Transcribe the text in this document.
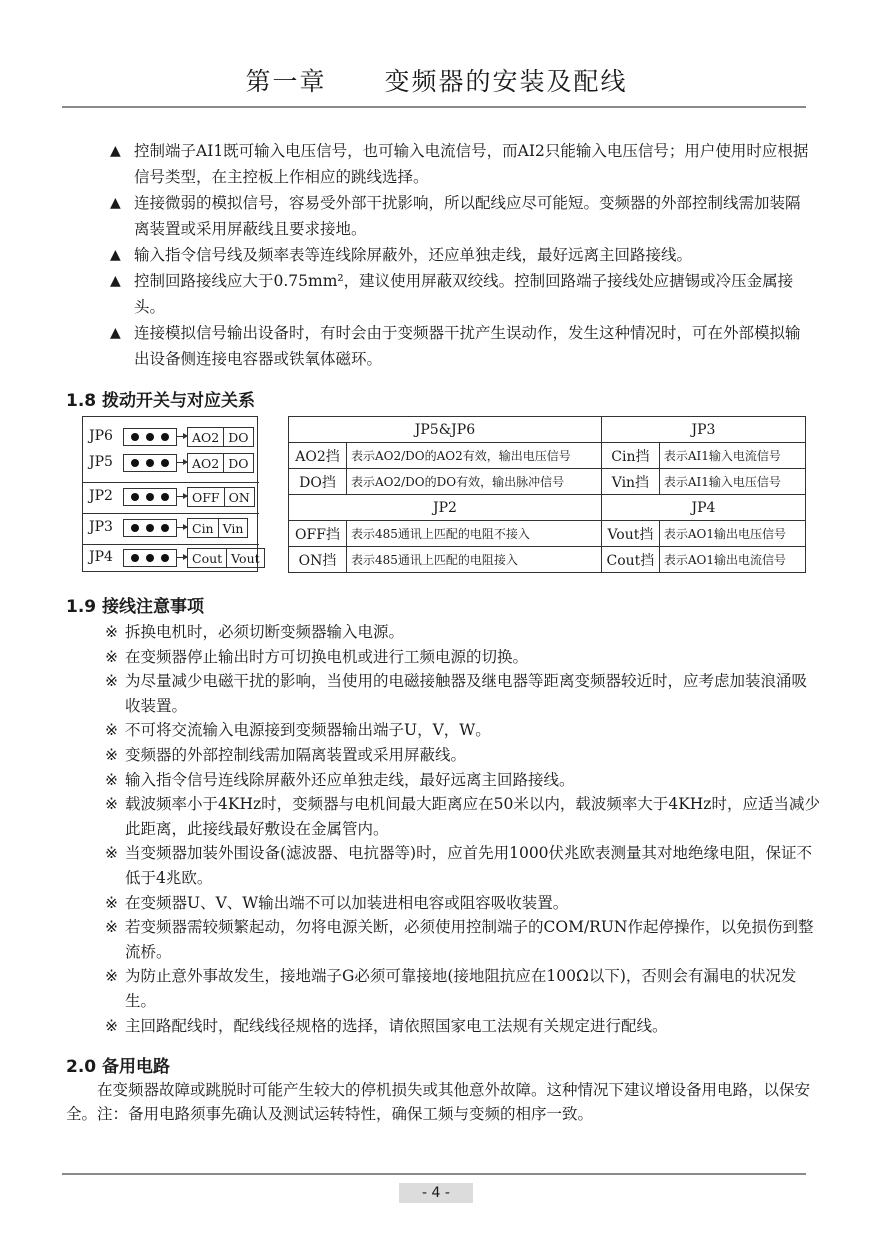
第一章 变频器的安装及配线
▲ 控制端子AI1既可输入电压信号，也可输入电流信号，而AI2只能输入电压信号；用户使用时应根据信号类型，在主控板上作相应的跳线选择。
▲ 连接微弱的模拟信号，容易受外部干扰影响，所以配线应尽可能短。变频器的外部控制线需加装隔离装置或采用屏蔽线且要求接地。
▲ 输入指令信号线及频率表等连线除屏蔽外，还应单独走线，最好远离主回路接线。
▲ 控制回路接线应大于0.75mm²，建议使用屏蔽双绞线。控制回路端子接线处应搪锡或冷压金属接头。
▲ 连接模拟信号输出设备时，有时会由于变频器干扰产生误动作，发生这种情况时，可在外部模拟输出设备侧连接电容器或铁氧体磁环。
1.8 拨动开关与对应关系
JP6	AO2 DO
JP5	AO2 DO
JP2	OFF ON
JP3	Cin Vin
JP4	Cout Vout
JP5&JP6		JP3	
AO2挡	表示AO2/DO的AO2有效，输出电压信号	Cin挡	表示AI1输入电流信号
DO挡	表示AO2/DO的DO有效，输出脉冲信号	Vin挡	表示AI1输入电压信号
JP2		JP4	
OFF挡	表示485通讯上匹配的电阻不接入	Vout挡	表示AO1输出电压信号
ON挡	表示485通讯上匹配的电阻接入	Cout挡	表示AO1输出电流信号
1.9 接线注意事项
※ 拆换电机时，必须切断变频器输入电源。
※ 在变频器停止输出时方可切换电机或进行工频电源的切换。
※ 为尽量减少电磁干扰的影响，当使用的电磁接触器及继电器等距离变频器较近时，应考虑加装浪涌吸收装置。
※ 不可将交流输入电源接到变频器输出端子U，V，W。
※ 变频器的外部控制线需加隔离装置或采用屏蔽线。
※ 输入指令信号连线除屏蔽外还应单独走线，最好远离主回路接线。
※ 载波频率小于4KHz时，变频器与电机间最大距离应在50米以内，载波频率大于4KHz时，应适当减少此距离，此接线最好敷设在金属管内。
※ 当变频器加装外围设备(滤波器、电抗器等)时，应首先用1000伏兆欧表测量其对地绝缘电阻，保证不低于4兆欧。
※ 在变频器U、V、W输出端不可以加装进相电容或阻容吸收装置。
※ 若变频器需较频繁起动，勿将电源关断，必须使用控制端子的COM/RUN作起停操作，以免损伤到整流桥。
※ 为防止意外事故发生，接地端子G必须可靠接地(接地阻抗应在100Ω以下)，否则会有漏电的状况发生。
※ 主回路配线时，配线线径规格的选择，请依照国家电工法规有关规定进行配线。
2.0 备用电路
在变频器故障或跳脱时可能产生较大的停机损失或其他意外故障。这种情况下建议增设备用电路，以保安全。注：备用电路须事先确认及测试运转特性，确保工频与变频的相序一致。
- 4 -
